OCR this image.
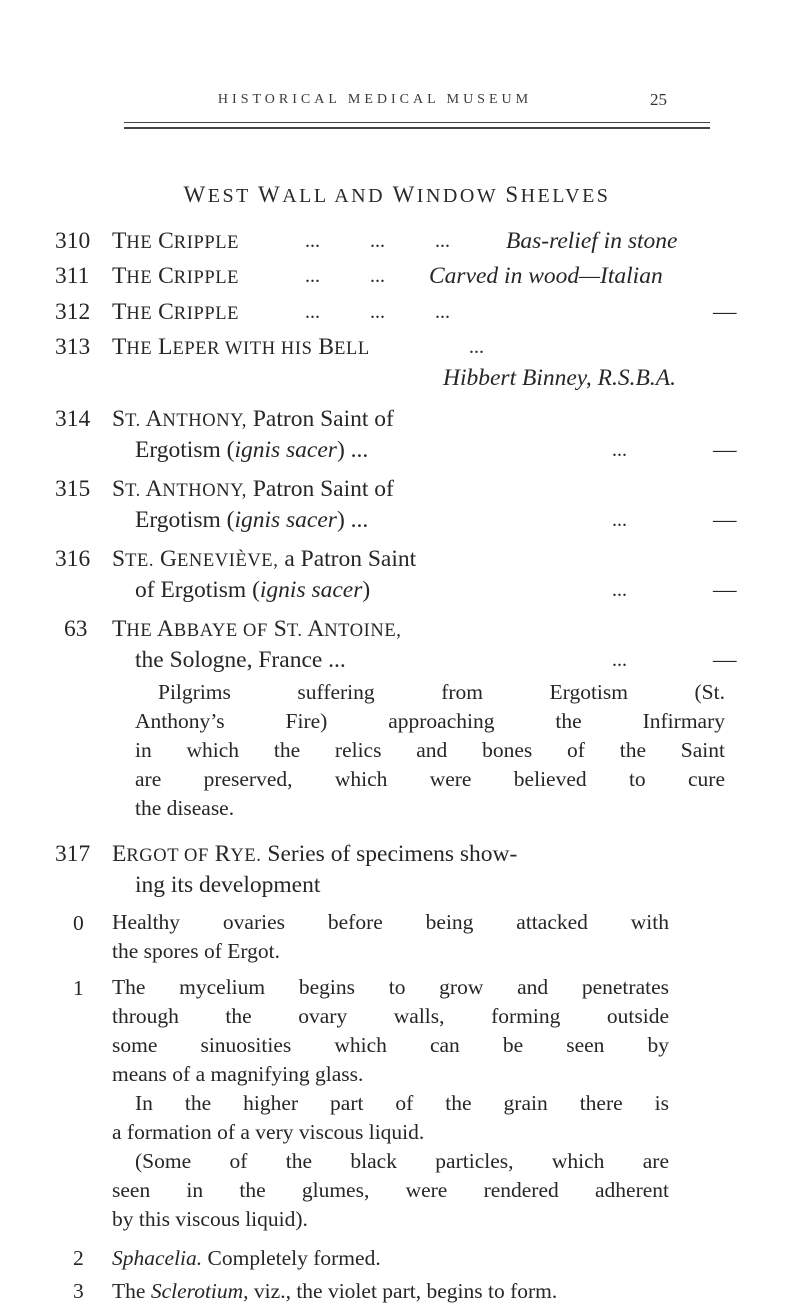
HISTORICAL MEDICAL MUSEUM	25
WEST WALL AND WINDOW SHELVES
310 THE CRIPPLE	...          ...          ... Bas-relief in stone
311 THE CRIPPLE	...          ... Carved in wood—Italian
312 THE CRIPPLE	...          ...          ...	—
313 THE LEPER WITH HIS BELL	...
Hibbert Binney, R.S.B.A.
314 ST. ANTHONY, Patron Saint of
Ergotism (ignis sacer) ...	...	—
315 ST. ANTHONY, Patron Saint of
Ergotism (ignis sacer) ...	...	—
316 STE. GENEVIÈVE, a Patron Saint
of Ergotism (ignis sacer)	...	—
63 THE ABBAYE OF ST. ANTOINE,
the Sologne, France ...	...	—
Pilgrims suffering from Ergotism (St.
Anthony’s Fire) approaching the Infirmary
in which the relics and bones of the Saint
are preserved, which were believed to cure
the disease.
317 ERGOT OF RYE. Series of specimens show-
ing its development
0 Healthy ovaries before being attacked with
the spores of Ergot.
1 The mycelium begins to grow and penetrates
through the ovary walls, forming outside
some sinuosities which can be seen by
means of a magnifying glass.
In the higher part of the grain there is
a formation of a very viscous liquid.
(Some of the black particles, which are
seen in the glumes, were rendered adherent
by this viscous liquid).
2 Sphacelia. Completely formed.
3 The Sclerotium, viz., the violet part, begins to form.
